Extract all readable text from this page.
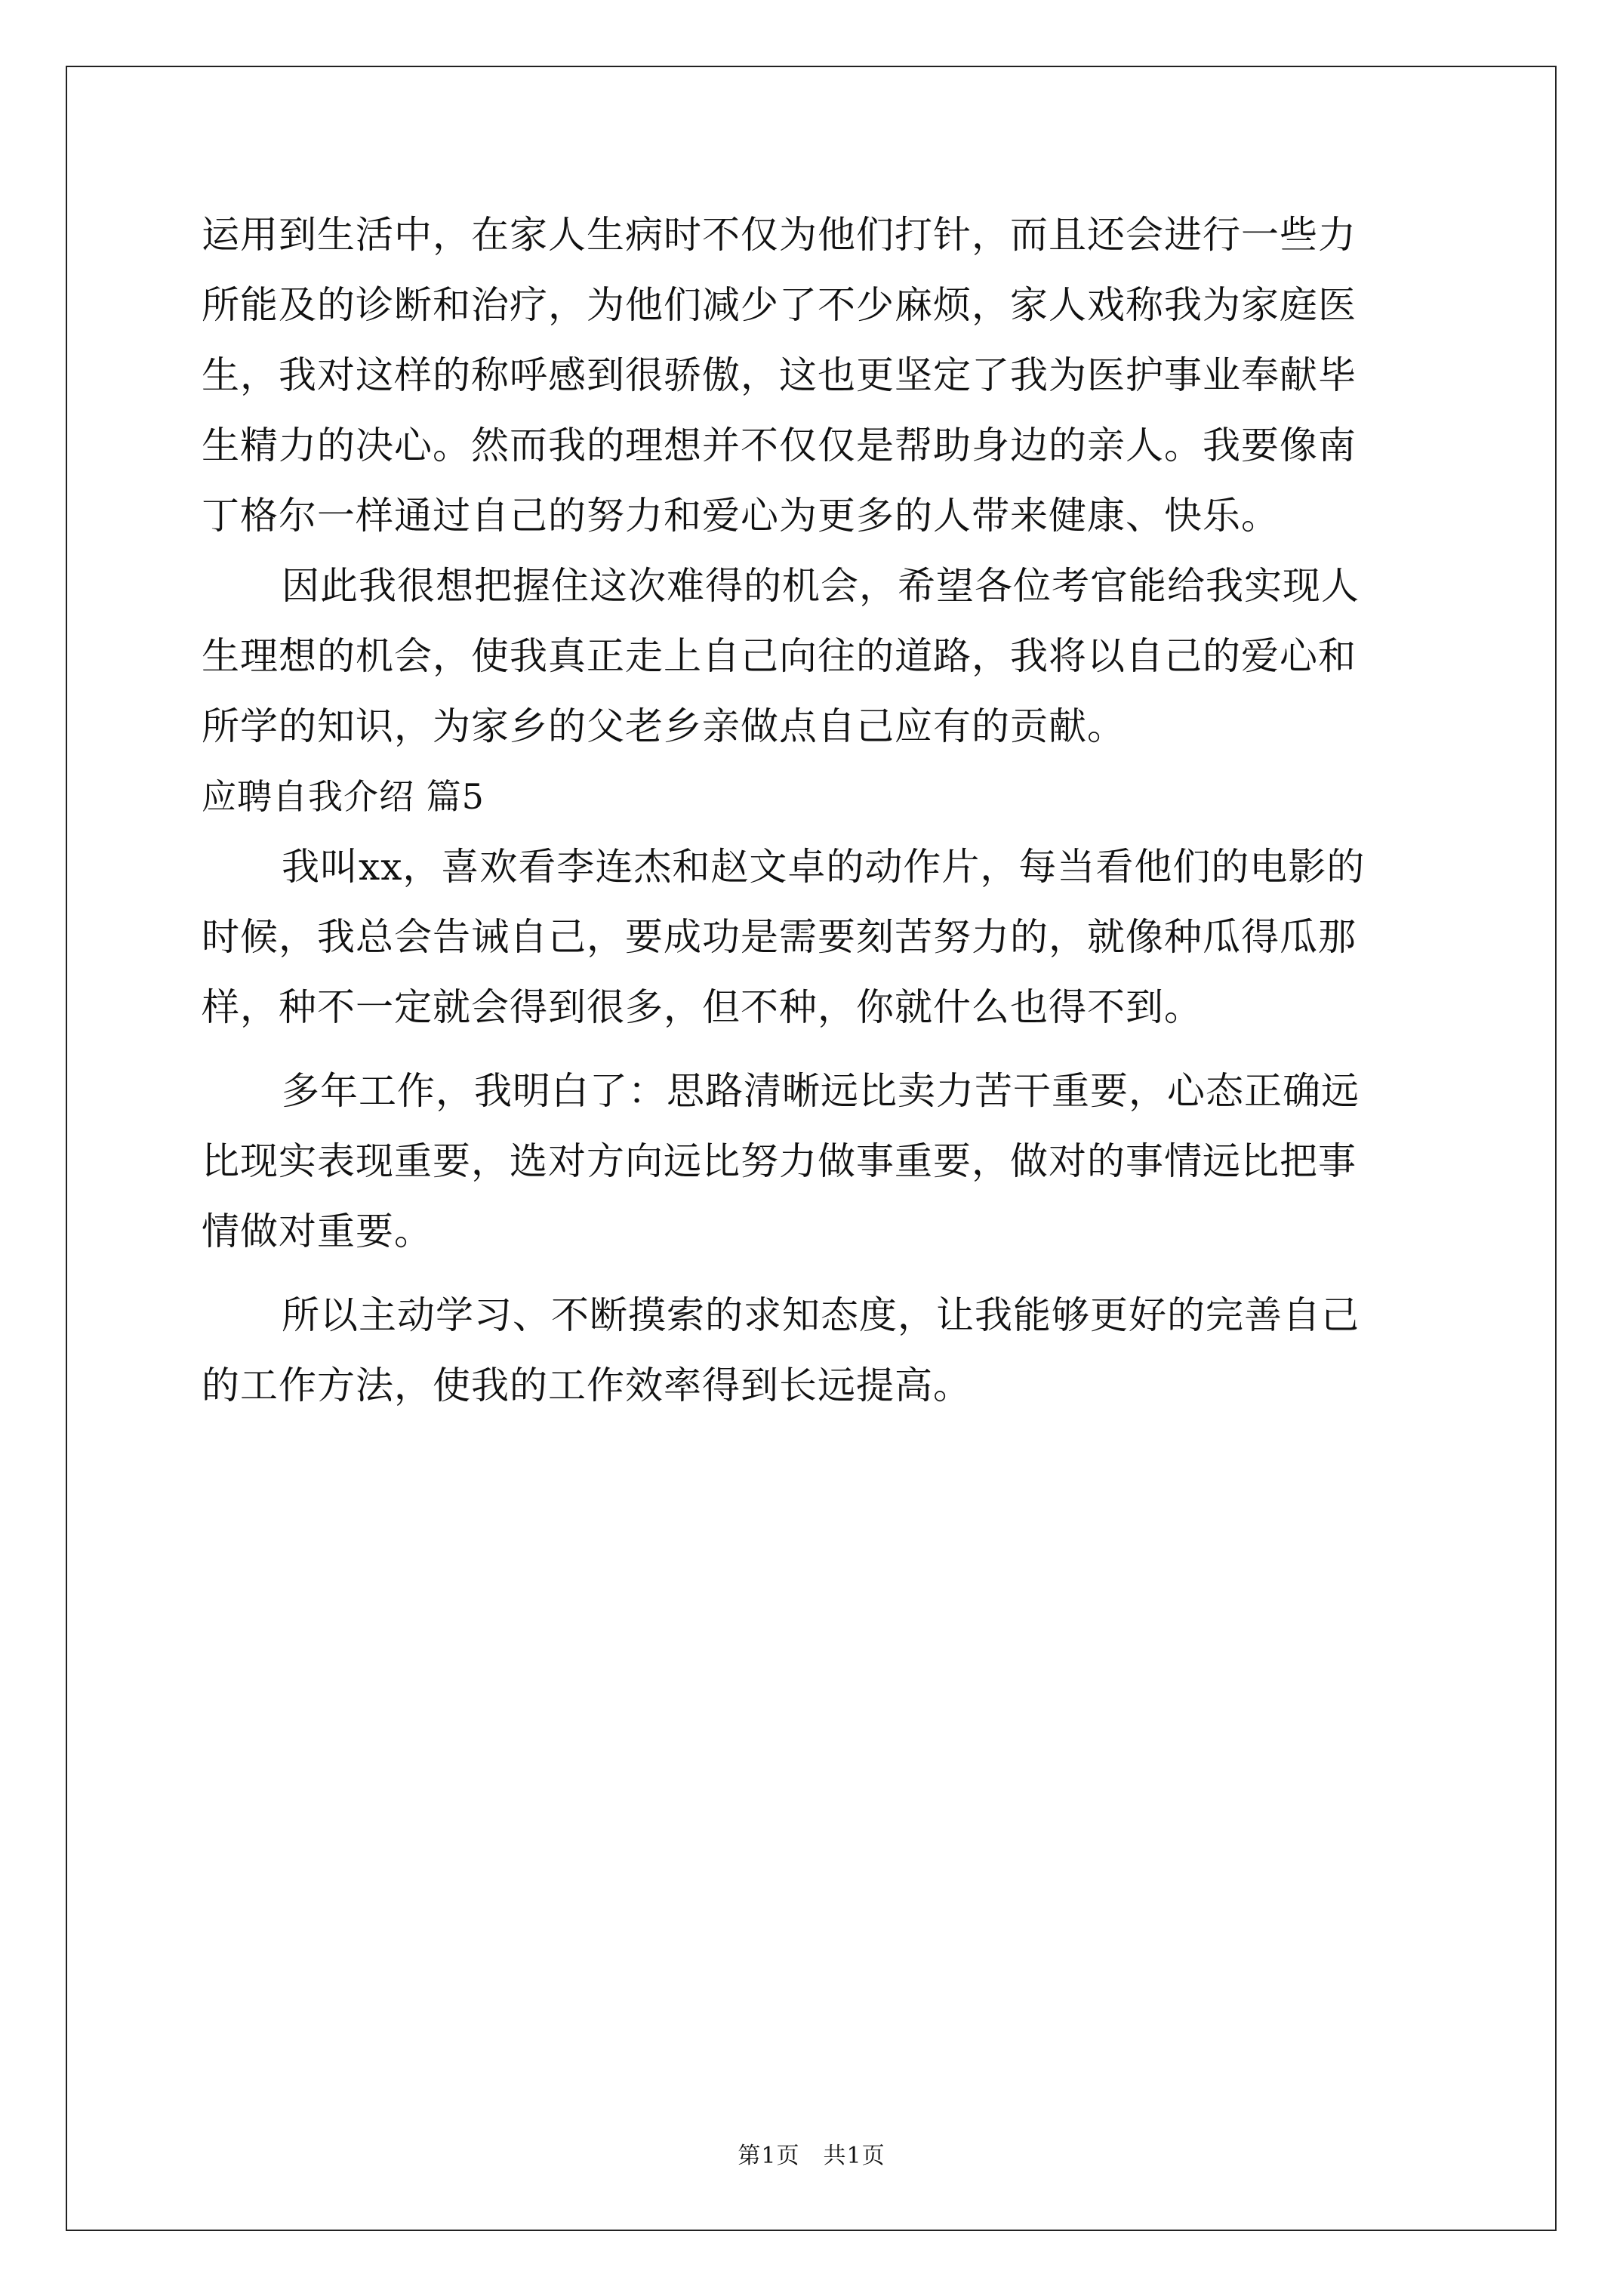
运用到生活中，在家人生病时不仅为他们打针，而且还会进行一些力
所能及的诊断和治疗，为他们减少了不少麻烦，家人戏称我为家庭医
生，我对这样的称呼感到很骄傲，这也更坚定了我为医护事业奉献毕
生精力的决心。然而我的理想并不仅仅是帮助身边的亲人。我要像南
丁格尔一样通过自己的努力和爱心为更多的人带来健康、快乐。
因此我很想把握住这次难得的机会，希望各位考官能给我实现人
生理想的机会，使我真正走上自己向往的道路，我将以自己的爱心和
所学的知识，为家乡的父老乡亲做点自己应有的贡献。
应聘自我介绍 篇5
我叫xx，喜欢看李连杰和赵文卓的动作片，每当看他们的电影的
时候，我总会告诫自己，要成功是需要刻苦努力的，就像种瓜得瓜那
样，种不一定就会得到很多，但不种，你就什么也得不到。
多年工作，我明白了：思路清晰远比卖力苦干重要，心态正确远
比现实表现重要，选对方向远比努力做事重要，做对的事情远比把事
情做对重要。
所以主动学习、不断摸索的求知态度，让我能够更好的完善自己
的工作方法，使我的工作效率得到长远提高。
第1页　共1页
